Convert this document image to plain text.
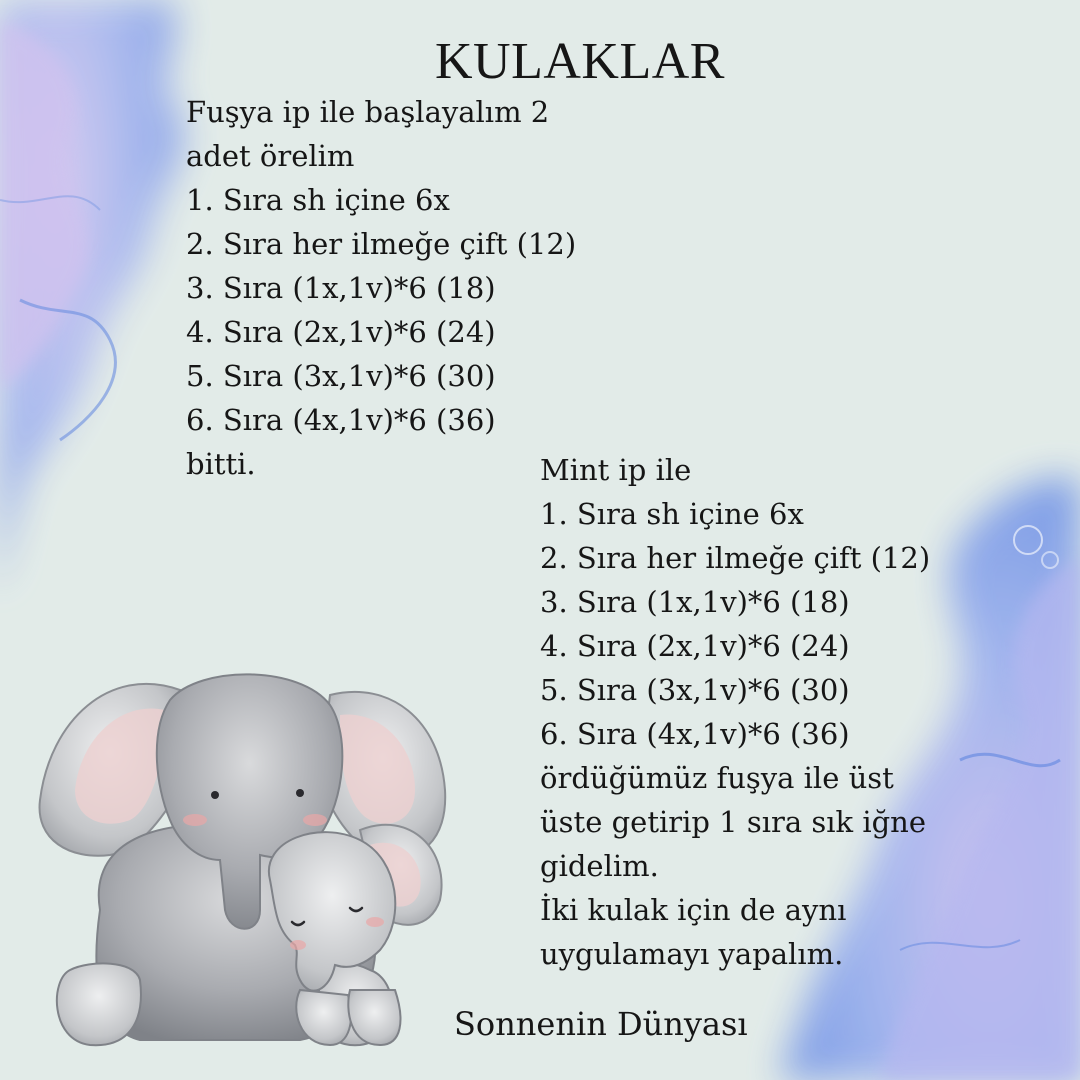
KULAKLAR
Fuşya ip ile başlayalım 2
adet örelim
1. Sıra sh içine 6x
2. Sıra her ilmeğe çift (12)
3. Sıra (1x,1v)*6 (18)
4. Sıra (2x,1v)*6 (24)
5. Sıra (3x,1v)*6 (30)
6. Sıra (4x,1v)*6 (36)
bitti.	Mint ip ile
1. Sıra sh içine 6x
2. Sıra her ilmeğe çift (12)
3. Sıra (1x,1v)*6 (18)
4. Sıra (2x,1v)*6 (24)
5. Sıra (3x,1v)*6 (30)
6. Sıra (4x,1v)*6 (36)
ördüğümüz fuşya ile üst
üste getirip 1 sıra sık iğne
gidelim.
İki kulak için de aynı
uygulamayı yapalım.
Sonnenin Dünyası
